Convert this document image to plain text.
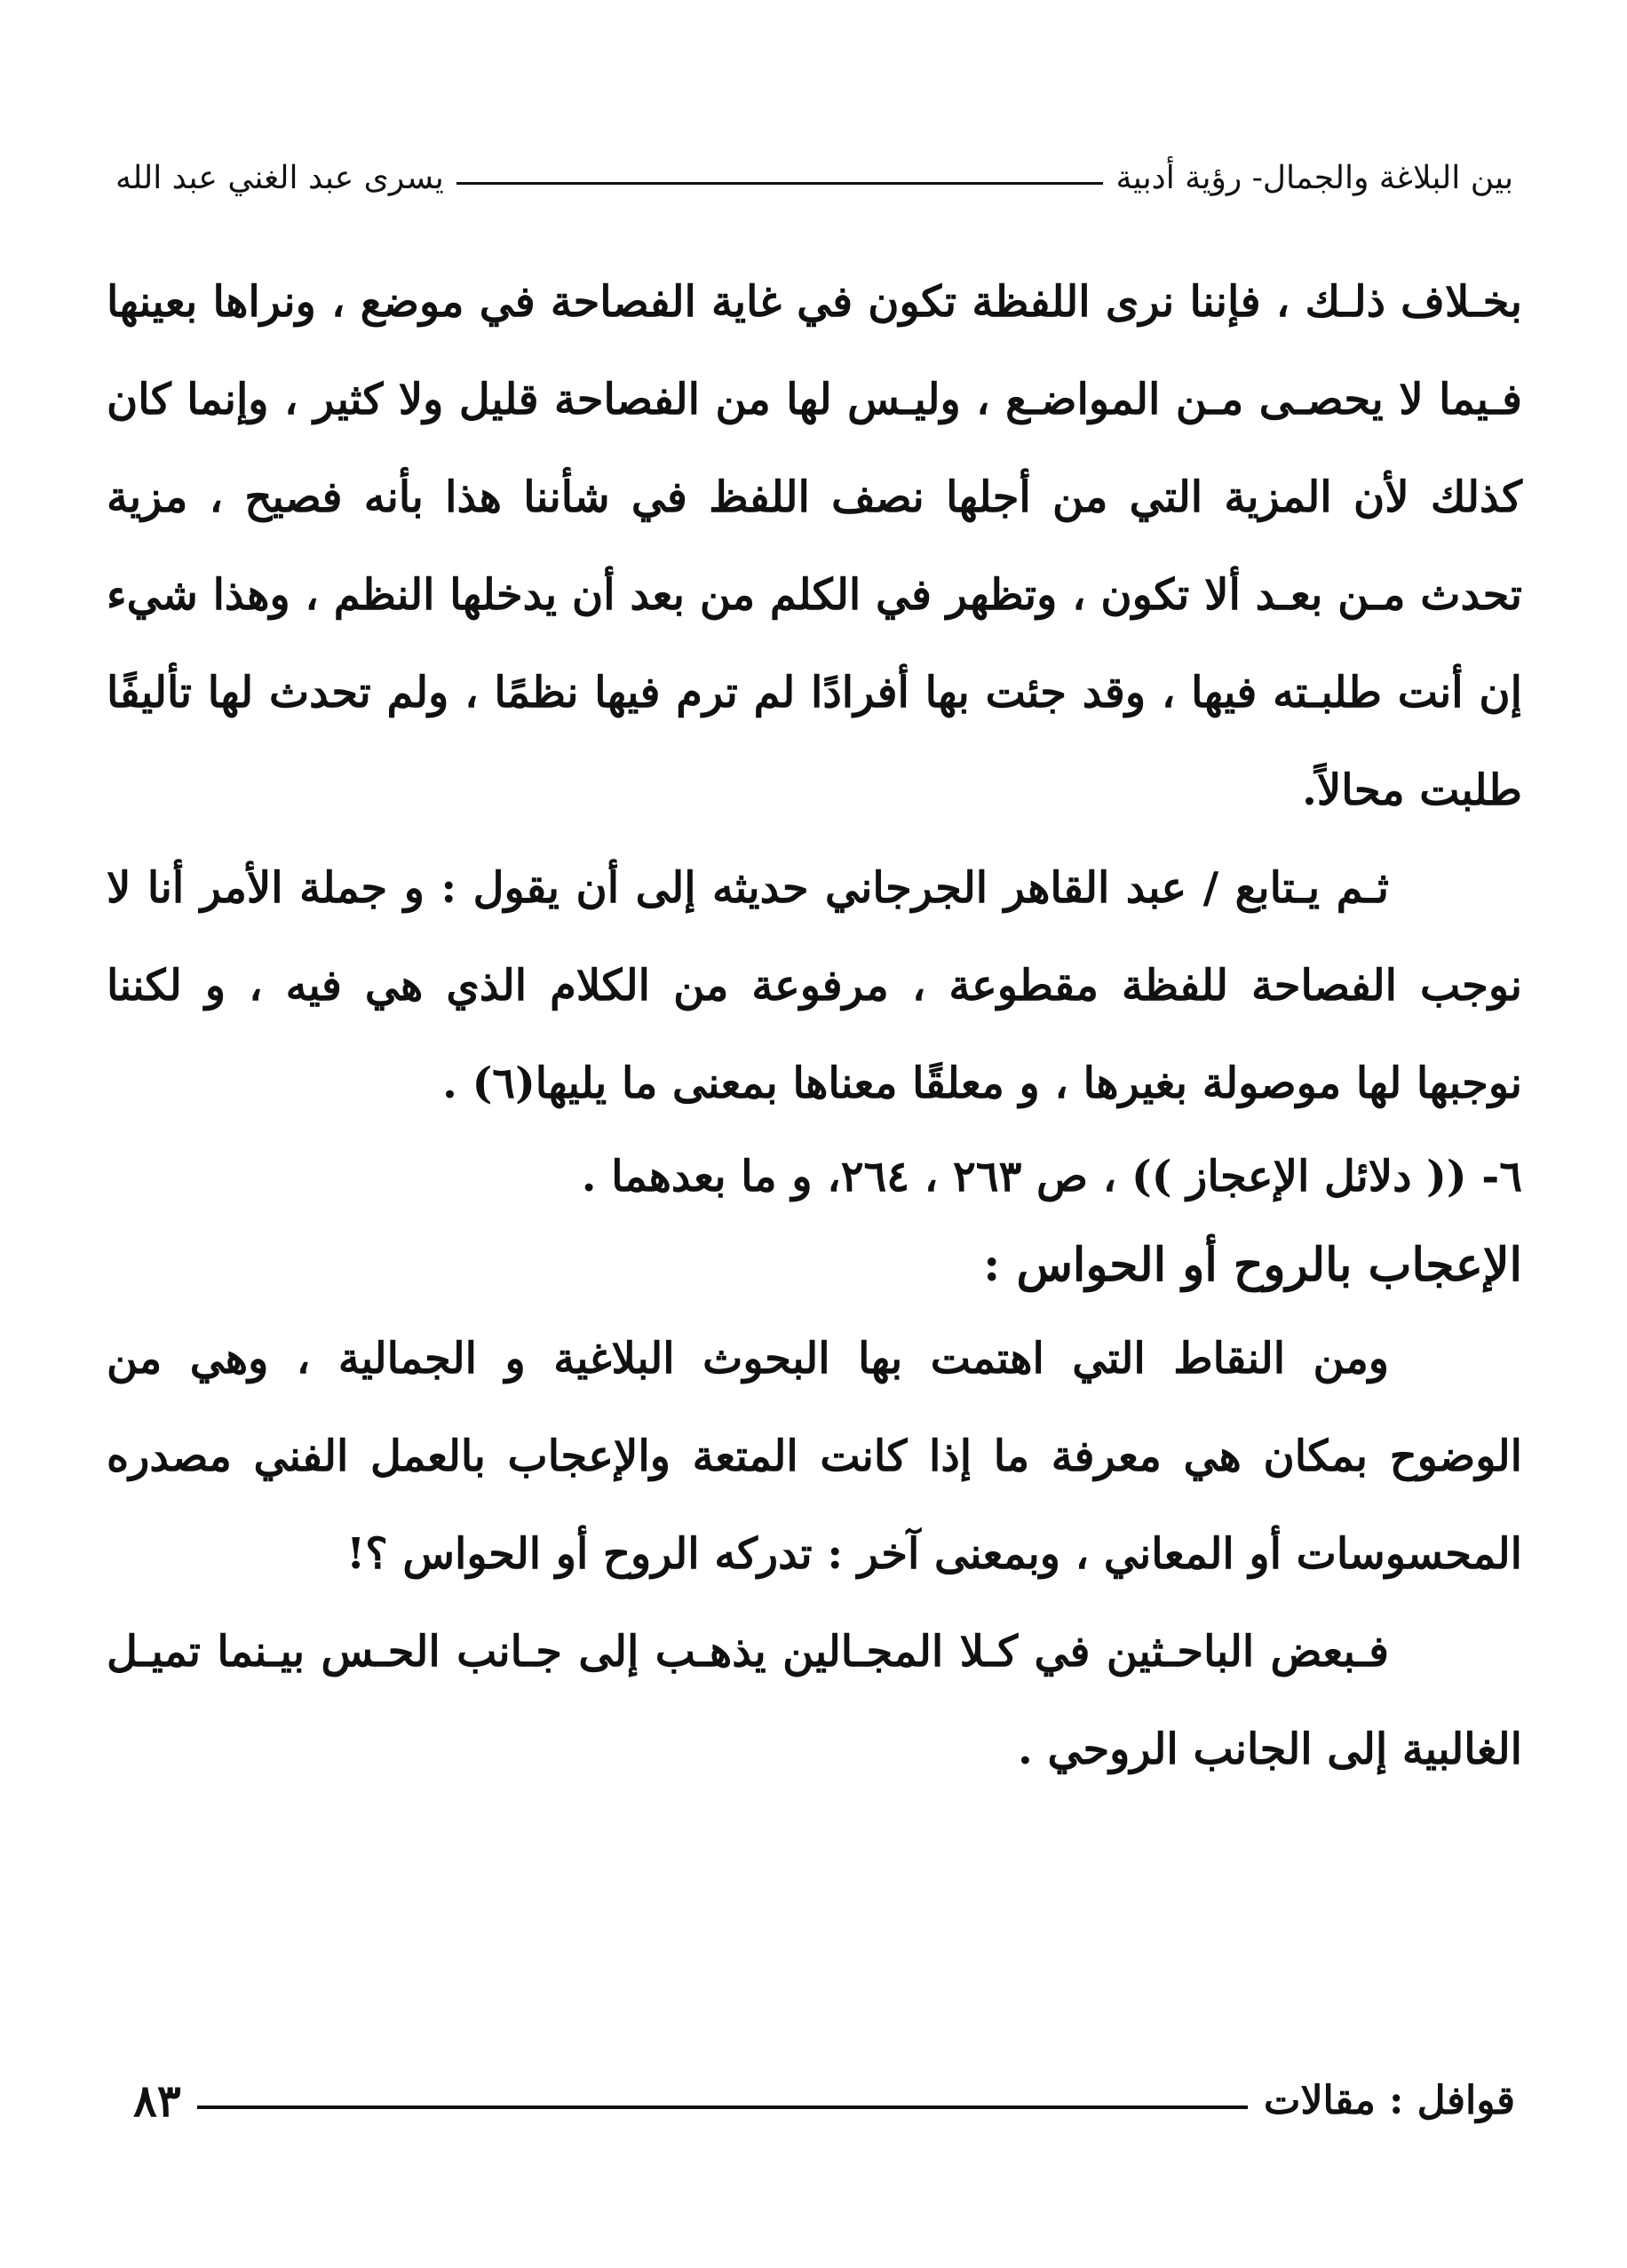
بين البلاغة والجمال- رؤية أدبية
يسرى عبد الغني عبد الله

بخـلاف ذلـك ، فإننا نرى اللفظة تكون في غاية الفصاحة في موضع ، ونراها بعينها فـيما لا يحصـى مـن المواضـع ، وليـس لها من الفصاحة قليل ولا كثير ، وإنما كان كذلك لأن المزية التي من أجلها نصف اللفظ في شأننا هذا بأنه فصيح ، مزية تحدث مـن بعـد ألا تكون ، وتظهر في الكلم من بعد أن يدخلها النظم ، وهذا شيء إن أنت طلبـته فيها ، وقد جئت بها أفرادًا لم ترم فيها نظمًا ، ولم تحدث لها تأليفًا طلبت محالاً.

ثـم يـتابع / عبد القاهر الجرجاني حديثه إلى أن يقول : و جملة الأمر أنا لا نوجب الفصاحة للفظة مقطوعة ، مرفوعة من الكلام الذي هي فيه ، و لكننا نوجبها لها موصولة بغيرها ، و معلقًا معناها بمعنى ما يليها(٦) .

٦- (( دلائل الإعجاز )) ، ص ٢٦٣ ، ٢٦٤، و ما بعدهما .

الإعجاب بالروح أو الحواس :

ومن النقاط التي اهتمت بها البحوث البلاغية و الجمالية ، وهي من الوضوح بمكان هي معرفة ما إذا كانت المتعة والإعجاب بالعمل الفني مصدره المحسوسات أو المعاني ، وبمعنى آخر : تدركه الروح أو الحواس ؟!

فـبعض الباحـثين في كـلا المجـالين يذهـب إلى جـانب الحـس بيـنما تميـل الغالبية إلى الجانب الروحي .

قوافل : مقالات
٨٣
